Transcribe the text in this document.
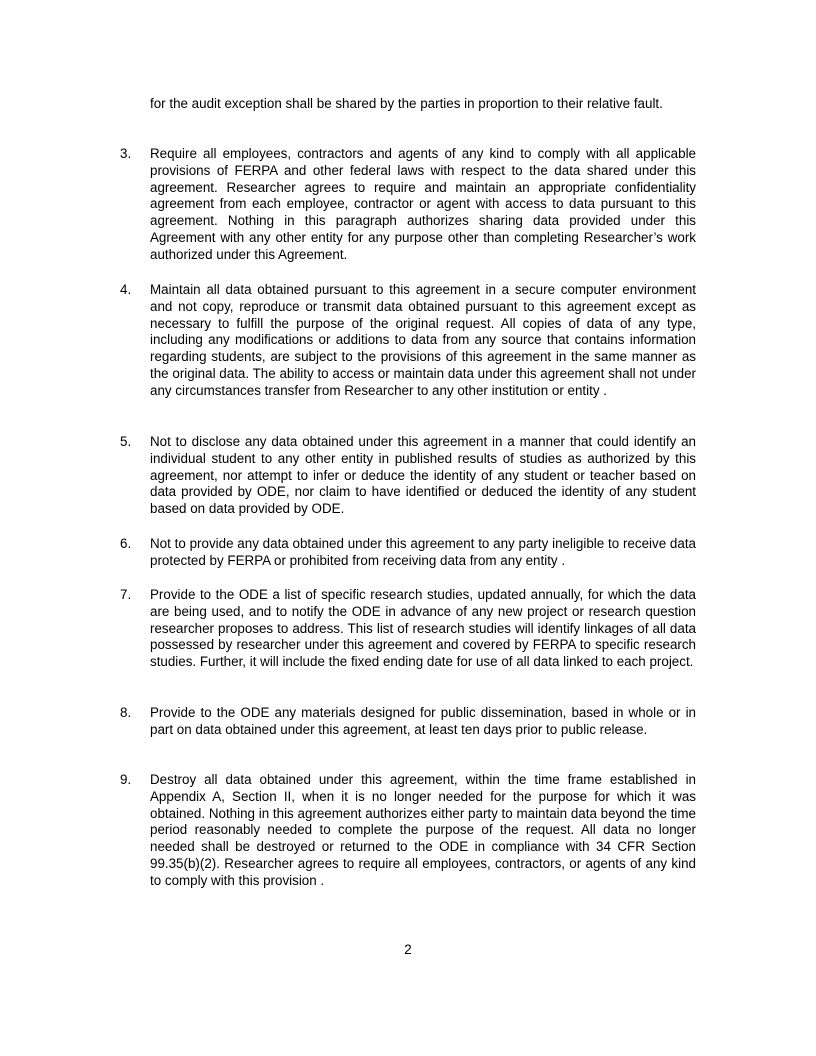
for the audit exception shall be shared by the parties in proportion to their relative fault.
3. Require all employees, contractors and agents of any kind to comply with all applicable provisions of FERPA and other federal laws with respect to the data shared under this agreement. Researcher agrees to require and maintain an appropriate confidentiality agreement from each employee, contractor or agent with access to data pursuant to this agreement. Nothing in this paragraph authorizes sharing data provided under this Agreement with any other entity for any purpose other than completing Researcher’s work authorized under this Agreement.
4. Maintain all data obtained pursuant to this agreement in a secure computer environment and not copy, reproduce or transmit data obtained pursuant to this agreement except as necessary to fulfill the purpose of the original request. All copies of data of any type, including any modifications or additions to data from any source that contains information regarding students, are subject to the provisions of this agreement in the same manner as the original data. The ability to access or maintain data under this agreement shall not under any circumstances transfer from Researcher to any other institution or entity .
5. Not to disclose any data obtained under this agreement in a manner that could identify an individual student to any other entity in published results of studies as authorized by this agreement, nor attempt to infer or deduce the identity of any student or teacher based on data provided by ODE, nor claim to have identified or deduced the identity of any student based on data provided by ODE.
6. Not to provide any data obtained under this agreement to any party ineligible to receive data protected by FERPA or prohibited from receiving data from any entity .
7. Provide to the ODE a list of specific research studies, updated annually, for which the data are being used, and to notify the ODE in advance of any new project or research question researcher proposes to address. This list of research studies will identify linkages of all data possessed by researcher under this agreement and covered by FERPA to specific research studies. Further, it will include the fixed ending date for use of all data linked to each project.
8. Provide to the ODE any materials designed for public dissemination, based in whole or in part on data obtained under this agreement, at least ten days prior to public release.
9. Destroy all data obtained under this agreement, within the time frame established in Appendix A, Section II, when it is no longer needed for the purpose for which it was obtained. Nothing in this agreement authorizes either party to maintain data beyond the time period reasonably needed to complete the purpose of the request. All data no longer needed shall be destroyed or returned to the ODE in compliance with 34 CFR Section 99.35(b)(2). Researcher agrees to require all employees, contractors, or agents of any kind to comply with this provision .
2
